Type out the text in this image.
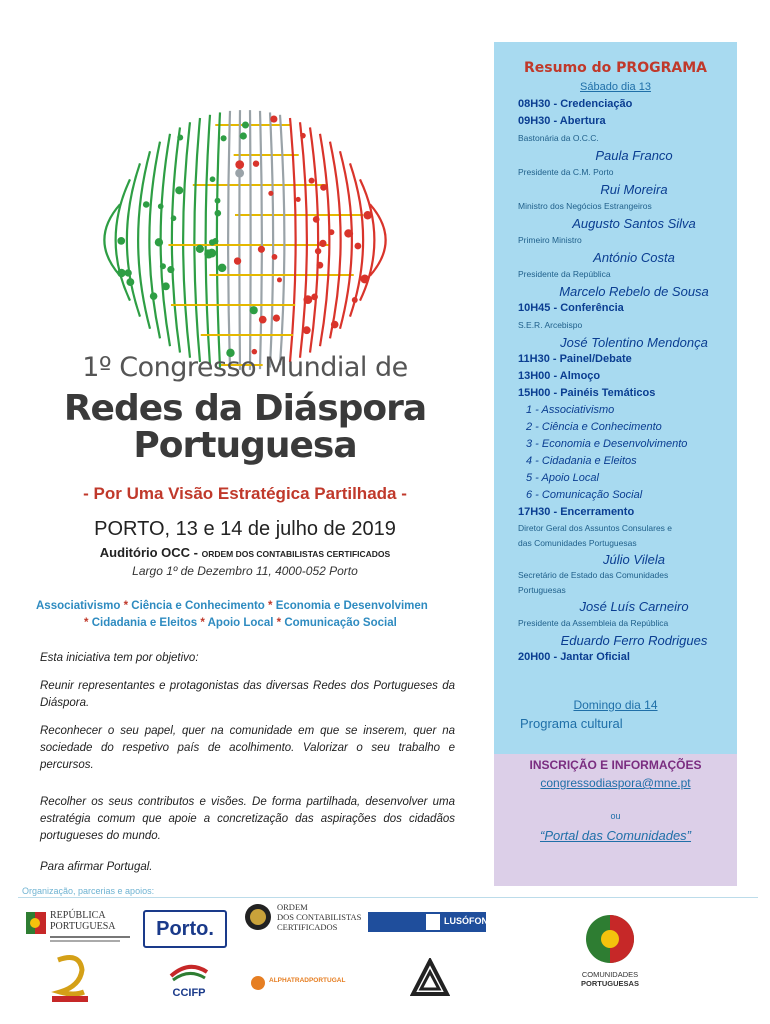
1º Congresso Mundial de
Redes da Diáspora
Portuguesa
- Por Uma Visão Estratégica Partilhada -
PORTO, 13 e 14 de julho de 2019
Auditório OCC - ORDEM DOS CONTABILISTAS CERTIFICADOS
Largo 1º de Dezembro 11, 4000-052 Porto
Associativismo * Ciência e Conhecimento * Economia e Desenvolvimen
* Cidadania e Eleitos * Apoio Local * Comunicação Social

Esta iniciativa tem por objetivo:

Reunir representantes e protagonistas das diversas Redes dos Portugueses da Diáspora.

Reconhecer o seu papel, quer na comunidade em que se inserem, quer na sociedade do respetivo país de acolhimento. Valorizar o seu trabalho e percursos.

Recolher os seus contributos e visões. De forma partilhada, desenvolver uma estratégia comum que apoie a concretização das aspirações dos cidadãos portugueses do mundo.

Para afirmar Portugal.

Organização, parcerias e apoios:
Resumo do PROGRAMA
Sábado dia 13
08H30 - Credenciação
09H30 - Abertura
Bastonária da O.C.C.
Paula Franco
Presidente da C.M. Porto
Rui Moreira
Ministro dos Negócios Estrangeiros
Augusto Santos Silva
Primeiro Ministro
António Costa
Presidente da República
Marcelo Rebelo de Sousa
10H45 - Conferência
S.E.R. Arcebispo
José Tolentino Mendonça
11H30 - Painel/Debate
13H00 - Almoço
15H00 - Painéis Temáticos
1 - Associativismo
2 - Ciência e Conhecimento
3 - Economia e Desenvolvimento
4 - Cidadania e Eleitos
5 - Apoio Local
6 - Comunicação Social
17H30 - Encerramento
Diretor Geral dos Assuntos Consulares e
das Comunidades Portuguesas
Júlio Vilela
Secretário de Estado das Comunidades
Portuguesas
José Luís Carneiro
Presidente da Assembleia da República
Eduardo Ferro Rodrigues
20H00 - Jantar Oficial
Domingo dia 14
Programa cultural
INSCRIÇÃO E INFORMAÇÕES
congressodiaspora@mne.pt
ou
“Portal das Comunidades”
REPÚBLICA
PORTUGUESA	Porto.
ORDEM
DOS CONTABILISTAS
CERTIFICADOS
LUSÓFONA
CCIFP
ALPHATRADPORTUGAL
COMUNIDADES
PORTUGUESAS
